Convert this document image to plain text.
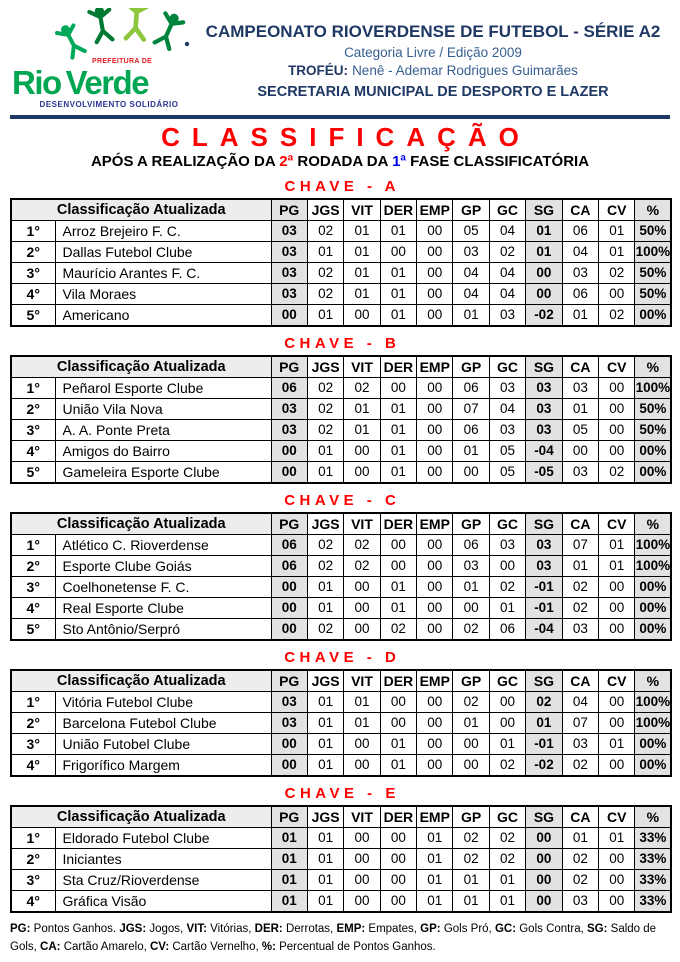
PREFEITURA DE
Rio Verde
DESENVOLVIMENTO SOLIDÁRIO
CAMPEONATO RIOVERDENSE DE FUTEBOL - SÉRIE A2
Categoria Livre / Edição 2009
TROFÉU: Nenê - Ademar Rodrigues Guimarães
SECRETARIA MUNICIPAL DE DESPORTO E LAZER
CLASSIFICAÇÃO
APÓS A REALIZAÇÃO DA 2ª RODADA DA 1ª FASE CLASSIFICATÓRIA
CHAVE - A
Classificação Atualizada		PG	JGS	VIT	DER	EMP	GP	GC	SG	CA	CV	%
1°	Arroz Brejeiro F. C.	03	02	01	01	00	05	04	01	06	01	50%
2°	Dallas Futebol Clube	03	01	01	00	00	03	02	01	04	01	100%
3°	Maurício Arantes F. C.	03	02	01	01	00	04	04	00	03	02	50%
4°	Vila Moraes	03	02	01	01	00	04	04	00	06	00	50%
5°	Americano	00	01	00	01	00	01	03	-02	01	02	00%
CHAVE - B
Classificação Atualizada		PG	JGS	VIT	DER	EMP	GP	GC	SG	CA	CV	%
1°	Peñarol Esporte Clube	06	02	02	00	00	06	03	03	03	00	100%
2°	União Vila Nova	03	02	01	01	00	07	04	03	01	00	50%
3°	A. A. Ponte Preta	03	02	01	01	00	06	03	03	05	00	50%
4°	Amigos do Bairro	00	01	00	01	00	01	05	-04	00	00	00%
5°	Gameleira Esporte Clube	00	01	00	01	00	00	05	-05	03	02	00%
CHAVE - C
Classificação Atualizada		PG	JGS	VIT	DER	EMP	GP	GC	SG	CA	CV	%
1°	Atlético C. Rioverdense	06	02	02	00	00	06	03	03	07	01	100%
2°	Esporte Clube Goiás	06	02	02	00	00	03	00	03	01	01	100%
3°	Coelhonetense F. C.	00	01	00	01	00	01	02	-01	02	00	00%
4°	Real Esporte Clube	00	01	00	01	00	00	01	-01	02	00	00%
5°	Sto Antônio/Serpró	00	02	00	02	00	02	06	-04	03	00	00%
CHAVE - D
Classificação Atualizada		PG	JGS	VIT	DER	EMP	GP	GC	SG	CA	CV	%
1°	Vitória Futebol Clube	03	01	01	00	00	02	00	02	04	00	100%
2°	Barcelona Futebol Clube	03	01	01	00	00	01	00	01	07	00	100%
3°	União Futobel Clube	00	01	00	01	00	00	01	-01	03	01	00%
4°	Frigorífico Margem	00	01	00	01	00	00	02	-02	02	00	00%
CHAVE - E
Classificação Atualizada		PG	JGS	VIT	DER	EMP	GP	GC	SG	CA	CV	%
1°	Eldorado Futebol Clube	01	01	00	00	01	02	02	00	01	01	33%
2°	Iniciantes	01	01	00	00	01	02	02	00	02	00	33%
3°	Sta Cruz/Rioverdense	01	01	00	00	01	01	01	00	02	00	33%
4°	Gráfica Visão	01	01	00	00	01	01	01	00	03	00	33%

PG: Pontos Ganhos. JGS: Jogos, VIT: Vitórias, DER: Derrotas, EMP: Empates, GP: Gols Pró, GC: Gols Contra, SG: Saldo de Gols, CA: Cartão Amarelo, CV: Cartão Vernelho, %: Percentual de Pontos Ganhos.
